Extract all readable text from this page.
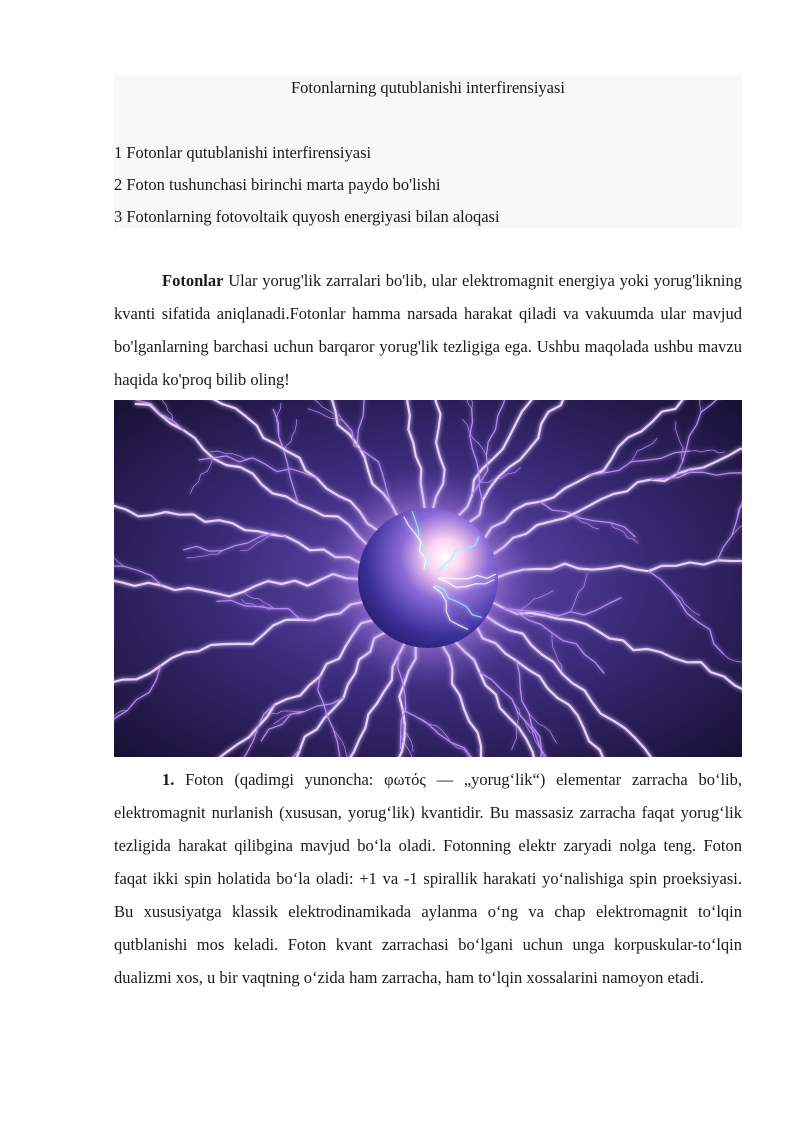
Fotonlarning qutublanishi interfirensiyasi
1 Fotonlar qutublanishi interfirensiyasi
2 Foton tushunchasi birinchi marta paydo bo'lishi
3 Fotonlarning fotovoltaik quyosh energiyasi bilan aloqasi

Fotonlar Ular yorug'lik zarralari bo'lib, ular elektromagnit energiya yoki yorug'likning kvanti sifatida aniqlanadi.Fotonlar hamma narsada harakat qiladi va vakuumda ular mavjud bo'lganlarning barchasi uchun barqaror yorug'lik tezligiga ega. Ushbu maqolada ushbu mavzu haqida ko'proq bilib oling!

1. Foton (qadimgi yunoncha: φωτός — „yorug‘lik“) elementar zarracha bo‘lib, elektromagnit nurlanish (xususan, yorug‘lik) kvantidir. Bu massasiz zarracha faqat yorug‘lik tezligida harakat qilibgina mavjud bo‘la oladi. Fotonning elektr zaryadi nolga teng. Foton faqat ikki spin holatida bo‘la oladi: +1 va -1 spirallik harakati yo‘nalishiga spin proeksiyasi. Bu xususiyatga klassik elektrodinamikada aylanma o‘ng va chap elektromagnit to‘lqin qutblanishi mos keladi. Foton kvant zarrachasi bo‘lgani uchun unga korpuskular-to‘lqin dualizmi xos, u bir vaqtning o‘zida ham zarracha, ham to‘lqin xossalarini namoyon etadi.
